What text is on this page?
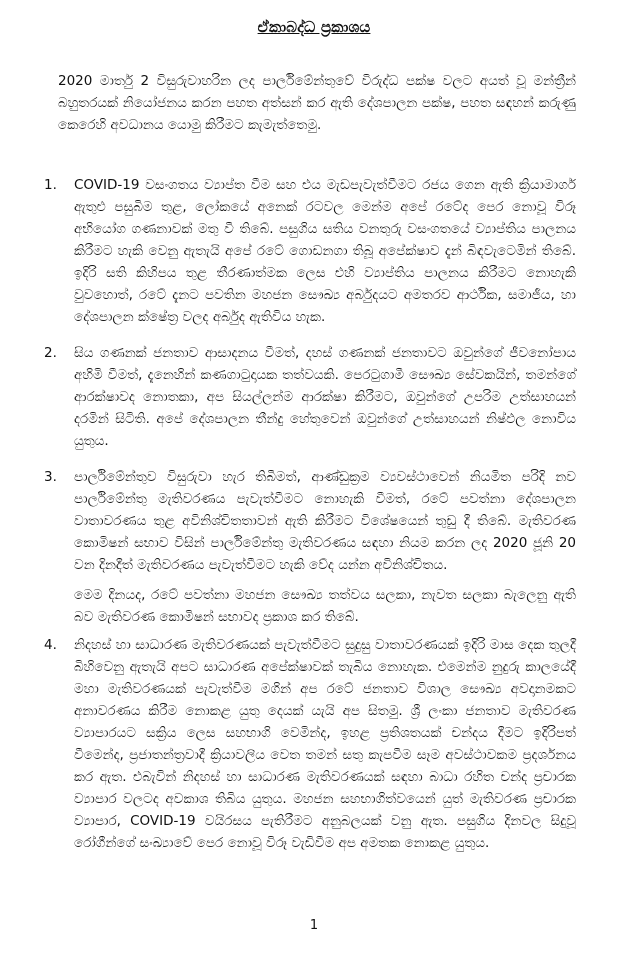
ඒකාබද්ධ ප්‍රකාශය
2020 මාර්තු 2 විසුරුවාහරින ලද පාර්ලිමේන්තුවේ විරුද්ධ පක්ෂ වලට අයත් වූ මන්ත්‍රීන් බහුතරයක් නියෝජනය කරන පහත අත්සන් කර ඇති දේශපාලන පක්ෂ, පහත සඳහන් කරුණු කෙරෙහි අවධානය යොමු කිරීමට කැමැත්තෙමු.
1.	COVID-19 වසංගතය ව්‍යාප්ත වීම සහ එය මැඩපැවැත්වීමට රජය ගෙන ඇති ක්‍රියාමාර්ග ඇතුළු පසුබිම තුළ, ලෝකයේ අනෙක් රටවල මෙන්ම අපේ රටේද පෙර නොවූ විරූ අභියෝග ගණනාවක් මතු වී තිබේ. පසුගිය සතිය වනතුරු වසංගතයේ ව්‍යාප්තිය පාලනය කිරීමට හැකි වෙනු ඇතැයි අපේ රටේ ගොඩනගා තිබූ අපේක්ෂාව දැන් බිඳවැටෙමින් තිබේ. ඉදිරි සති කිහිපය තුළ තීරණාත්මක ලෙස එහි ව්‍යාප්තිය පාලනය කිරීමට නොහැකි වුවහොත්, රටේ දැනට පවතින මහජන සෞඛ්‍ය අර්බුදයට අමතරව ආර්ථික, සමාජීය, හා දේශපාලන ක්ෂේත්‍ර වලද අර්බුද ඇතිවිය හැක.

2.	සිය ගණනක් ජනතාව ආසාදනය වීමත්, දහස් ගණනක් ජනතාවට ඔවුන්ගේ ජීවනෝපාය අහිමි වීමත්, දැනෙහින් කණගාටුදායක තත්වයකි. පෙරටුගාමී සෞඛ්‍ය සේවකයින්, තමන්ගේ ආරක්ෂාවද නොතකා, අප සියල්ලන්ම ආරක්ෂා කිරීමට, ඔවුන්ගේ උපරිම උත්සාහයන් දරමින් සිටිති. අපේ දේශපාලන තීන්දු හේතුවෙන් ඔවුන්ගේ උත්සාහයන් නිෂ්ඵල නොවිය යුතුය.

3.	පාර්ලිමේන්තුව විසුරුවා හැර තිබීමත්, ආණ්ඩුක්‍රම ව්‍යවස්ථාවෙන් නියමිත පරිදි නව පාර්ලිමේන්තු මැතිවරණය පැවැත්වීමට නොහැකි වීමත්, රටේ පවත්නා දේශපාලන වාතාවරණය තුළ අවිනිශ්චිතතාවන් ඇති කිරීමට විශේෂයෙන් තුඩු දී තිබේ. මැතිවරණ කොමිෂන් සභාව විසින් පාර්ලිමේන්තු මැතිවරණය සඳහා නියම කරන ලද 2020 ජූනි 20 වන දිනදීත් මැතිවරණය පැවැත්වීමට හැකි වේද යන්න අවිනිශ්චිතය.

මෙම දිනයද, රටේ පවත්නා මහජන සෞඛ්‍ය තත්වය සලකා, නැවත සලකා බැලෙනු ඇති බව මැතිවරණ කොමිෂන් සභාවද ප්‍රකාශ කර තිබේ.

4.	නිදහස් හා සාධාරණ මැතිවරණයක් පැවැත්වීමට සුදුසු වාතාවරණයක් ඉදිරි මාස දෙක තුලදී බිහිවෙනු ඇතැයි අපට සාධාරණ අපේක්ෂාවක් තැබිය නොහැක. එමෙන්ම නුදුරු කාලයේදී මහා මැතිවරණයක් පැවැත්වීම මගින් අප රටේ ජනතාව විශාල සෞඛ්‍ය අවදානමකට අනාවරණය කිරීම නොකළ යුතු දෙයක් යැයි අප සිතමු. ශ්‍රී ලංකා ජනතාව මැතිවරණ ව්‍යාපාරයට සක්‍රිය ලෙස සහභාගි වෙමින්ද, ඉහළ ප්‍රතිශතයක් චන්දය දීමට ඉදිරිපත් වීමෙන්ද, ප්‍රජාතන්ත්‍රවාදී ක්‍රියාවලිය වෙත තමන් සතු කැපවීම සෑම අවස්ථාවකම ප්‍රදර්ශනය කර ඇත. එබැවින් නිදහස් හා සාධාරණ මැතිවරණයක් සඳහා බාධා රහිත චන්ද ප්‍රචාරක ව්‍යාපාර වලටද අවකාශ තිබිය යුතුය. මහජන සහභාගිත්වයෙන් යුත් මැතිවරණ ප්‍රචාරක ව්‍යාපාර, COVID-19 වයිරසය පැතිරීමට අනුබලයක් වනු ඇත. පසුගිය දිනවල සිදුවූ රෝගීන්ගේ සංඛ්‍යාවේ පෙර නොවූ විරූ වැඩිවීම අප අමතක නොකළ යුතුය.

1
